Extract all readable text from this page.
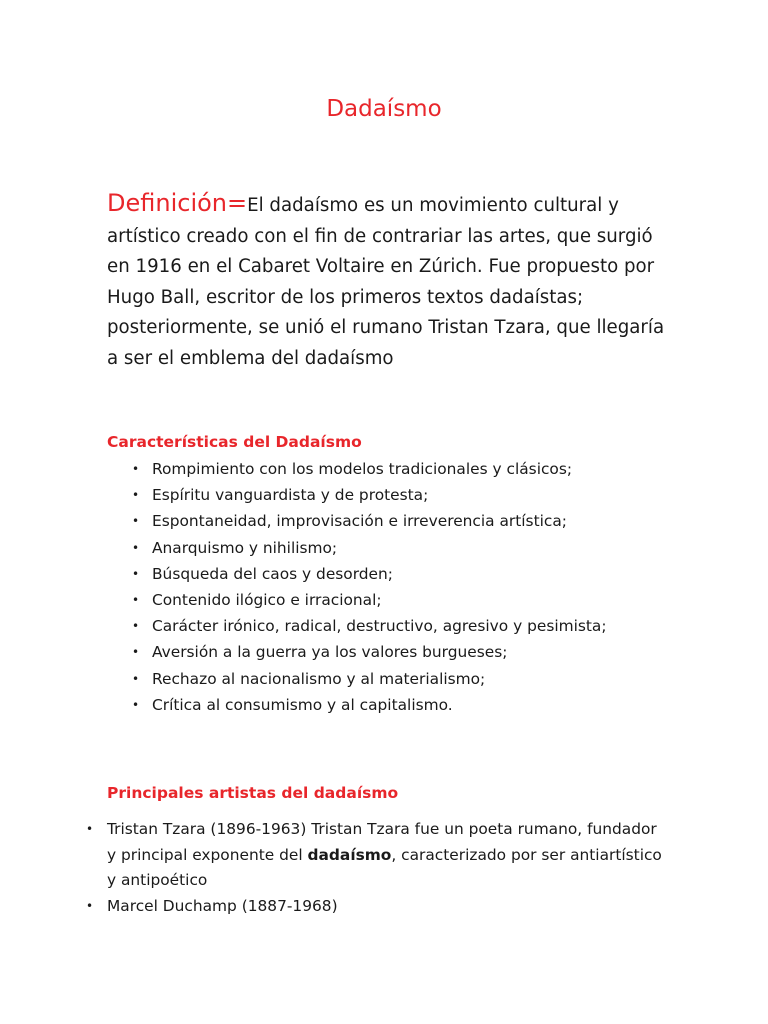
Dadaísmo

Definición=El dadaísmo es un movimiento cultural y artístico creado con el fin de contrariar las artes, que surgió en 1916 en el Cabaret Voltaire en Zúrich. Fue propuesto por Hugo Ball, escritor de los primeros textos dadaístas; posteriormente, se unió el rumano Tristan Tzara, que llegaría a ser el emblema del dadaísmo

Características del Dadaísmo
• Rompimiento con los modelos tradicionales y clásicos;
• Espíritu vanguardista y de protesta;
• Espontaneidad, improvisación e irreverencia artística;
• Anarquismo y nihilismo;
• Búsqueda del caos y desorden;
• Contenido ilógico e irracional;
• Carácter irónico, radical, destructivo, agresivo y pesimista;
• Aversión a la guerra ya los valores burgueses;
• Rechazo al nacionalismo y al materialismo;
• Crítica al consumismo y al capitalismo.
Principales artistas del dadaísmo
• Tristan Tzara (1896-1963) Tristan Tzara fue un poeta rumano, fundador y principal exponente del dadaísmo, caracterizado por ser antiartístico y antipoético
• Marcel Duchamp (1887-1968)
